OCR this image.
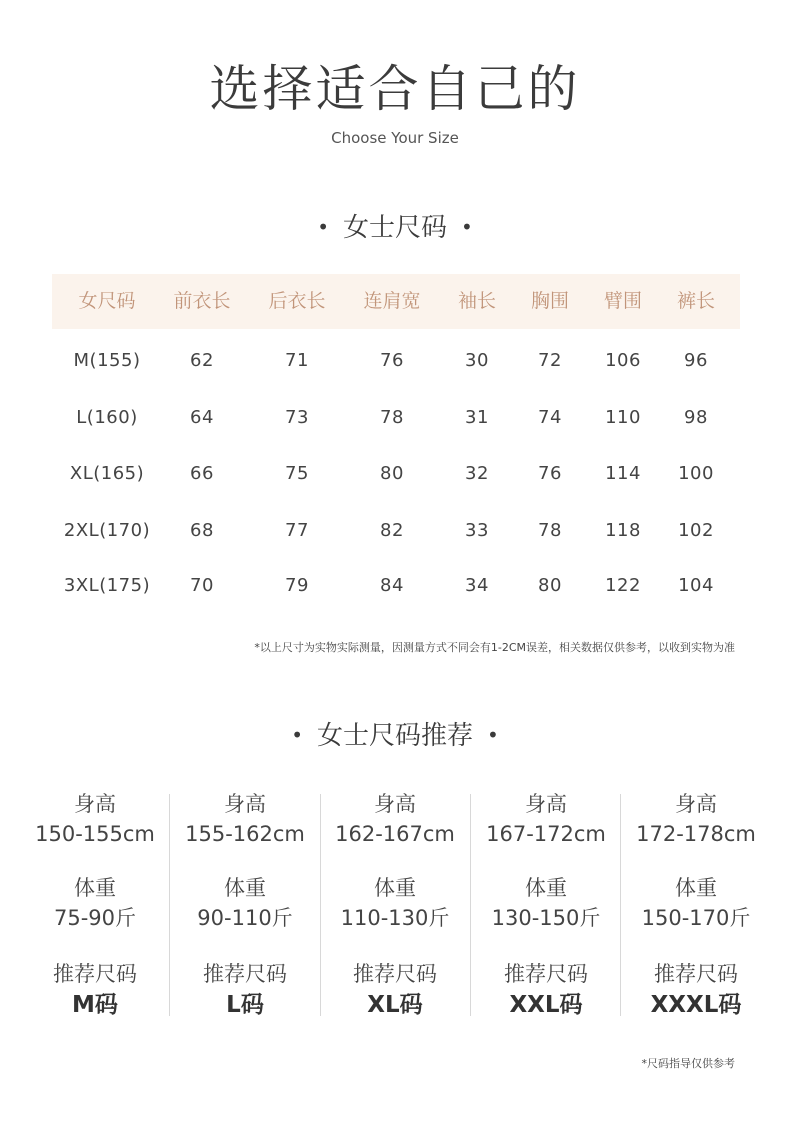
选择适合自己的
Choose Your Size
• 女士尺码 •
女尺码 前衣长 后衣长 连肩宽 袖长 胸围 臂围 裤长
M(155)	62	71	76	30	72 106 96
L(160)	64	73	78	31	74 110 98
XL(165)	66	75	80	32	76 114 100
2XL(170) 68	77	82	33	78 118 102
3XL(175) 70	79	84	34	80 122 104
*以上尺寸为实物实际测量，因测量方式不同会有1-2CM误差，相关数据仅供参考，以收到实物为准
• 女士尺码推荐 •
身高
150-155cm
体重
75-90斤
推荐尺码
M码
身高
155-162cm
体重
90-110斤
推荐尺码
L码
身高
162-167cm
体重
110-130斤
推荐尺码
XL码
身高
167-172cm
体重
130-150斤
推荐尺码
XXL码
身高
172-178cm
体重
150-170斤
推荐尺码
XXXL码
*尺码指导仅供参考
